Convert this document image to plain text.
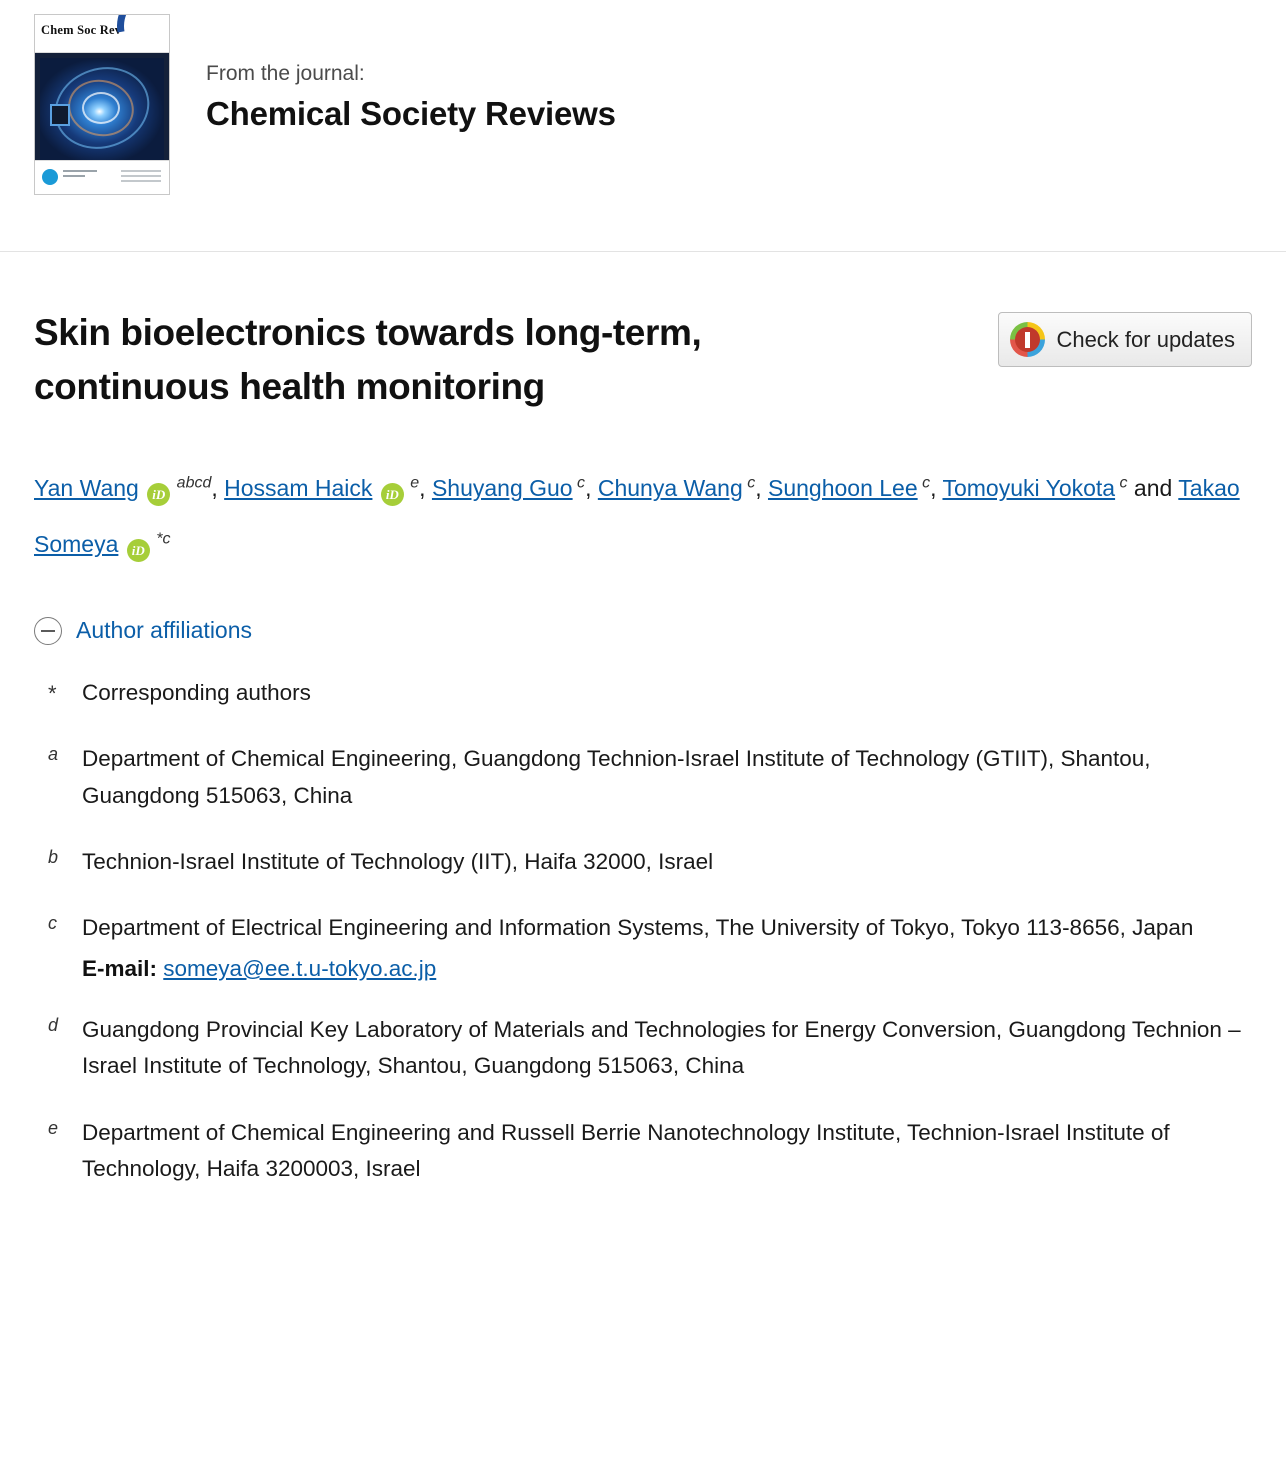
Chem Soc Rev
From the journal:
Chemical Society Reviews
Skin bioelectronics towards long-term, continuous health monitoring
Check for updates
Yan Wang iD $^{abcd}$, Hossam Haick iD $^e$, Shuyang Guo $^c$, Chunya Wang $^c$, Sunghoon Lee $^c$, Tomoyuki Yokota $^c$ and Takao Someya iD $^{*c}$
Author affiliations
*	Corresponding authors
a	Department of Chemical Engineering, Guangdong Technion-Israel Institute of Technology (GTIIT), Shantou, Guangdong 515063, China
b	Technion-Israel Institute of Technology (IIT), Haifa 32000, Israel
c	Department of Electrical Engineering and Information Systems, The University of Tokyo, Tokyo 113-8656, Japan
E-mail: someya@ee.t.u-tokyo.ac.jp
d	Guangdong Provincial Key Laboratory of Materials and Technologies for Energy Conversion, Guangdong Technion – Israel Institute of Technology, Shantou, Guangdong 515063, China
e	Department of Chemical Engineering and Russell Berrie Nanotechnology Institute, Technion-Israel Institute of Technology, Haifa 3200003, Israel
